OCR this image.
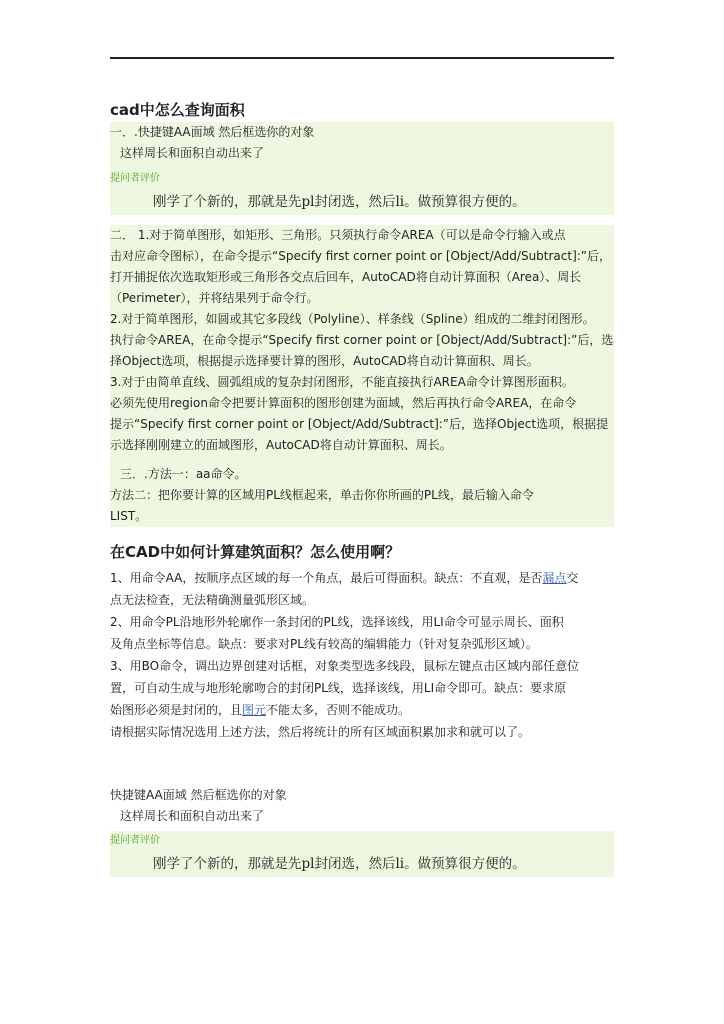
cad中怎么查询面积
一．.快捷键AA面域 然后框选你的对象
这样周长和面积自动出来了
提问者评价
刚学了个新的，那就是先pl封闭选，然后li。做预算很方便的。
二． 1.对于简单图形，如矩形、三角形。只须执行命令AREA（可以是命令行输入或点
击对应命令图标），在命令提示“Specify first corner point or [Object/Add/Subtract]:”后，
打开捕捉依次选取矩形或三角形各交点后回车，AutoCAD将自动计算面积（Area）、周长
（Perimeter），并将结果列于命令行。
2.对于简单图形，如圆或其它多段线（Polyline）、样条线（Spline）组成的二维封闭图形。
执行命令AREA，在命令提示“Specify first corner point or [Object/Add/Subtract]:”后，选
择Object选项，根据提示选择要计算的图形，AutoCAD将自动计算面积、周长。
3.对于由简单直线、圆弧组成的复杂封闭图形，不能直接执行AREA命令计算图形面积。
必须先使用region命令把要计算面积的图形创建为面域，然后再执行命令AREA，在命令
提示“Specify first corner point or [Object/Add/Subtract]:”后，选择Object选项，根据提
示选择刚刚建立的面域图形，AutoCAD将自动计算面积、周长。
三．.方法一：aa命令。
方法二：把你要计算的区域用PL线框起来，单击你你所画的PL线，最后输入命令
LIST。
在CAD中如何计算建筑面积？怎么使用啊？
1、用命令AA，按顺序点区域的每一个角点，最后可得面积。缺点：不直观，是否漏点交
点无法检查，无法精确测量弧形区域。
2、用命令PL沿地形外轮廓作一条封闭的PL线，选择该线，用LI命令可显示周长、面积
及角点坐标等信息。缺点：要求对PL线有较高的编辑能力（针对复杂弧形区域）。
3、用BO命令，调出边界创建对话框，对象类型选多线段，鼠标左键点击区域内部任意位
置，可自动生成与地形轮廓吻合的封闭PL线，选择该线，用LI命令即可。缺点：要求原
始图形必须是封闭的，且图元不能太多，否则不能成功。
请根据实际情况选用上述方法，然后将统计的所有区域面积累加求和就可以了。
快捷键AA面域 然后框选你的对象
这样周长和面积自动出来了
提问者评价
刚学了个新的，那就是先pl封闭选，然后li。做预算很方便的。
